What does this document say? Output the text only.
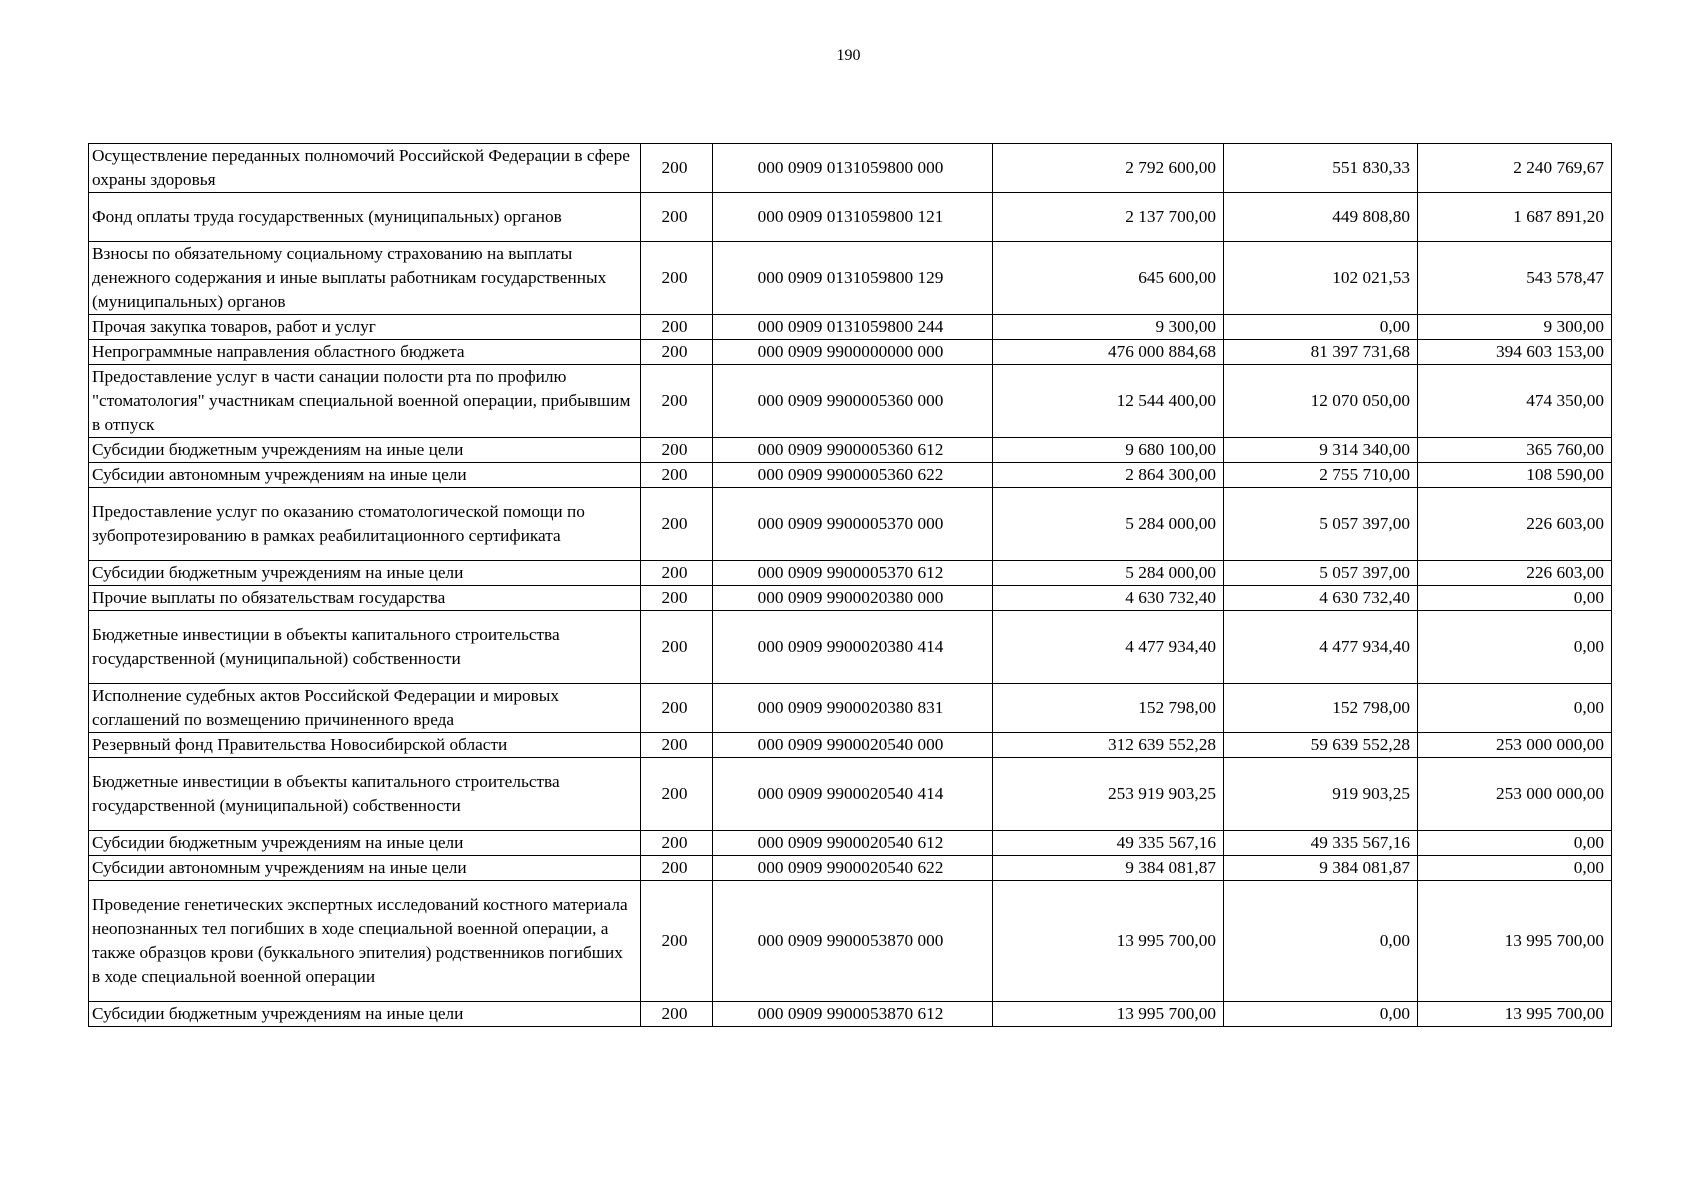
190
Осуществление переданных полномочий Российской Федерации в сфере охраны здоровья	200	000 0909 0131059800 000	2 792 600,00	551 830,33	2 240 769,67
Фонд оплаты труда государственных (муниципальных) органов	200	000 0909 0131059800 121	2 137 700,00	449 808,80	1 687 891,20
Взносы по обязательному социальному страхованию на выплаты денежного содержания и иные выплаты работникам государственных (муниципальных) органов	200	000 0909 0131059800 129	645 600,00	102 021,53	543 578,47
Прочая закупка товаров, работ и услуг	200	000 0909 0131059800 244	9 300,00	0,00	9 300,00
Непрограммные направления областного бюджета	200	000 0909 9900000000 000	476 000 884,68	81 397 731,68	394 603 153,00
Предоставление услуг в части санации полости рта по профилю "стоматология" участникам специальной военной операции, прибывшим в отпуск	200	000 0909 9900005360 000	12 544 400,00	12 070 050,00	474 350,00
Субсидии бюджетным учреждениям на иные цели	200	000 0909 9900005360 612	9 680 100,00	9 314 340,00	365 760,00
Субсидии автономным учреждениям на иные цели	200	000 0909 9900005360 622	2 864 300,00	2 755 710,00	108 590,00
Предоставление услуг по оказанию стоматологической помощи по зубопротезированию в рамках реабилитационного сертификата	200	000 0909 9900005370 000	5 284 000,00	5 057 397,00	226 603,00
Субсидии бюджетным учреждениям на иные цели	200	000 0909 9900005370 612	5 284 000,00	5 057 397,00	226 603,00
Прочие выплаты по обязательствам государства	200	000 0909 9900020380 000	4 630 732,40	4 630 732,40	0,00
Бюджетные инвестиции в объекты капитального строительства государственной (муниципальной) собственности	200	000 0909 9900020380 414	4 477 934,40	4 477 934,40	0,00
Исполнение судебных актов Российской Федерации и мировых соглашений по возмещению причиненного вреда	200	000 0909 9900020380 831	152 798,00	152 798,00	0,00
Резервный фонд Правительства Новосибирской области	200	000 0909 9900020540 000	312 639 552,28	59 639 552,28	253 000 000,00
Бюджетные инвестиции в объекты капитального строительства государственной (муниципальной) собственности	200	000 0909 9900020540 414	253 919 903,25	919 903,25	253 000 000,00
Субсидии бюджетным учреждениям на иные цели	200	000 0909 9900020540 612	49 335 567,16	49 335 567,16	0,00
Субсидии автономным учреждениям на иные цели	200	000 0909 9900020540 622	9 384 081,87	9 384 081,87	0,00
Проведение генетических экспертных исследований костного материала неопознанных тел погибших в ходе специальной военной операции, а также образцов крови (буккального эпителия) родственников погибших в ходе специальной военной операции	200	000 0909 9900053870 000	13 995 700,00	0,00	13 995 700,00
Субсидии бюджетным учреждениям на иные цели	200	000 0909 9900053870 612	13 995 700,00	0,00	13 995 700,00
